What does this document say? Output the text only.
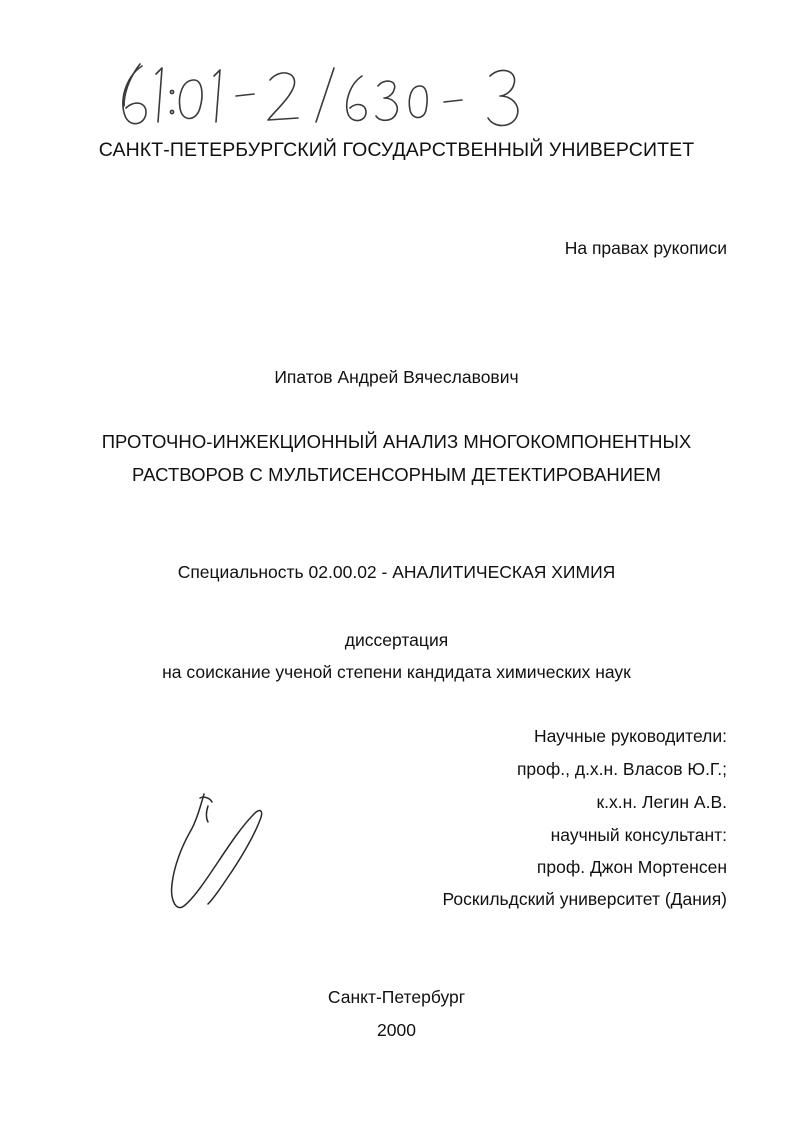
САНКТ-ПЕТЕРБУРГСКИЙ ГОСУДАРСТВЕННЫЙ УНИВЕРСИТЕТ
На правах рукописи
Ипатов Андрей Вячеславович
ПРОТОЧНО-ИНЖЕКЦИОННЫЙ АНАЛИЗ МНОГОКОМПОНЕНТНЫХ
РАСТВОРОВ С МУЛЬТИСЕНСОРНЫМ ДЕТЕКТИРОВАНИЕМ
Специальность 02.00.02 - АНАЛИТИЧЕСКАЯ ХИМИЯ
диссертация
на соискание ученой степени кандидата химических наук
Научные руководители:
проф., д.х.н. Власов Ю.Г.;
к.х.н. Легин А.В.
научный консультант:
проф. Джон Мортенсен
Роскильдский университет (Дания)
Санкт-Петербург
2000
